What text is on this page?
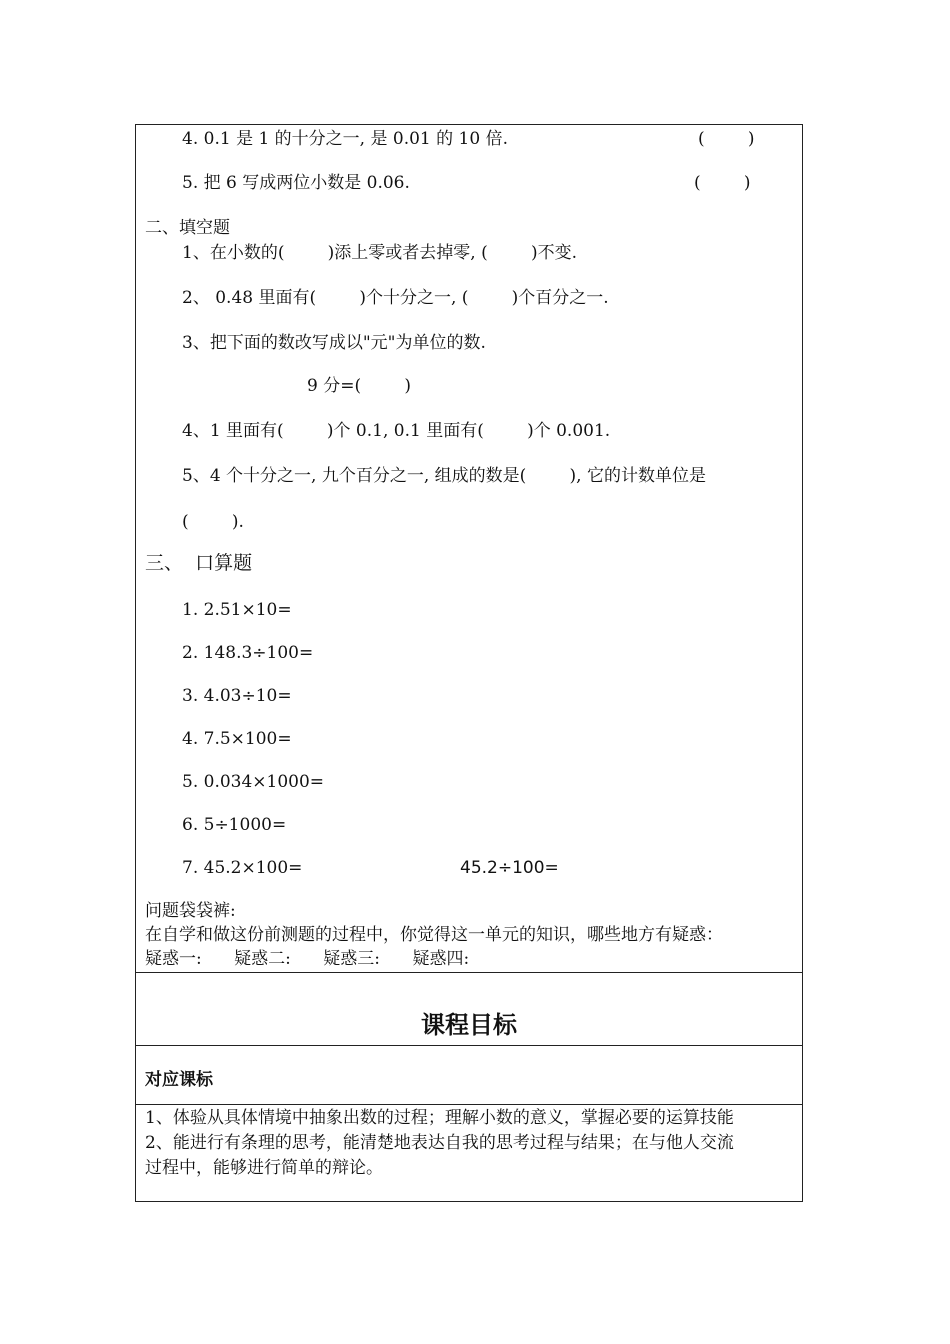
4. 0.1 是 1 的十分之一, 是 0.01 的 10 倍.	(        )
5. 把 6 写成两位小数是 0.06.	(        )
二、填空题
1、在小数的(        )添上零或者去掉零, (        )不变.
2、 0.48 里面有(        )个十分之一, (        )个百分之一.
3、把下面的数改写成以"元"为单位的数.
9 分=(        )
4、1 里面有(        )个 0.1, 0.1 里面有(        )个 0.001.
5、4 个十分之一, 九个百分之一, 组成的数是(        ), 它的计数单位是
(        ).
三、  口算题
1. 2.51×10=
2. 148.3÷100=
3. 4.03÷10=
4. 7.5×100=
5. 0.034×1000=
6. 5÷1000=
7. 45.2×100=	45.2÷100=
问题袋袋裤:
在自学和做这份前测题的过程中，你觉得这一单元的知识，哪些地方有疑惑：
疑惑一:      疑惑二:      疑惑三:      疑惑四:
课程目标
对应课标
1、体验从具体情境中抽象出数的过程；理解小数的意义，掌握必要的运算技能
2、能进行有条理的思考，能清楚地表达自我的思考过程与结果；在与他人交流
过程中，能够进行简单的辩论。
